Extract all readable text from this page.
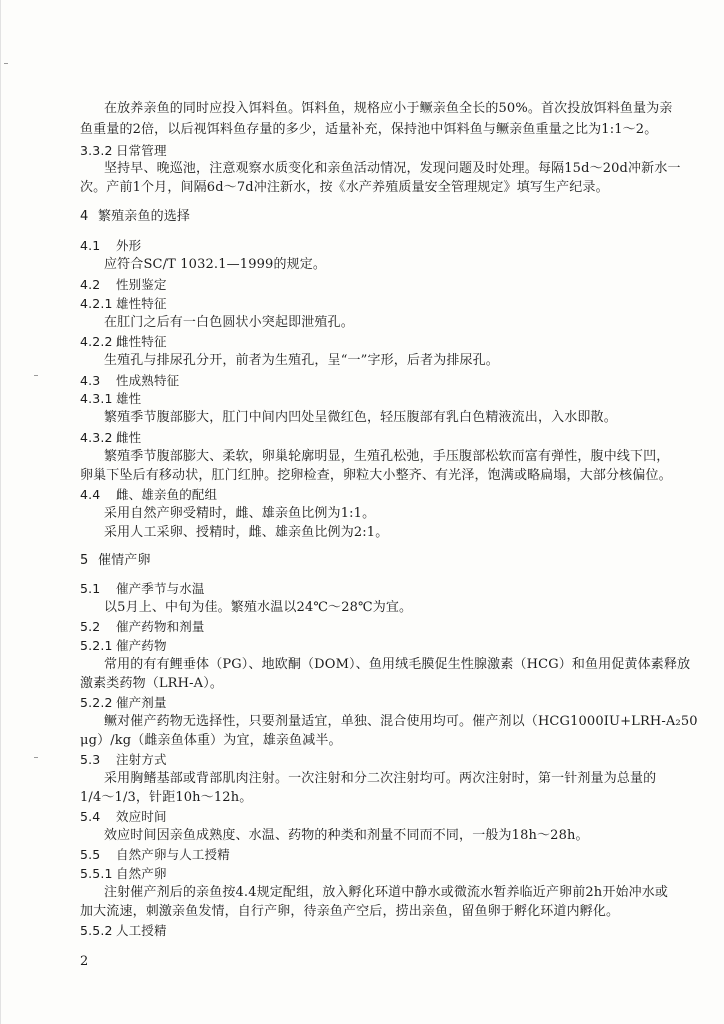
在放养亲鱼的同时应投入饵料鱼。饵料鱼，规格应小于鳜亲鱼全长的50%。首次投放饵料鱼量为亲
鱼重量的2倍，以后视饵料鱼存量的多少，适量补充，保持池中饵料鱼与鳜亲鱼重量之比为1:1～2。
3.3.2 日常管理
坚持早、晚巡池，注意观察水质变化和亲鱼活动情况，发现问题及时处理。每隔15d～20d冲新水一
次。产前1个月，间隔6d～7d冲注新水，按《水产养殖质量安全管理规定》填写生产纪录。
4 繁殖亲鱼的选择
4.1 外形
应符合SC/T 1032.1—1999的规定。
4.2 性别鉴定
4.2.1 雄性特征
在肛门之后有一白色圆状小突起即泄殖孔。
4.2.2 雌性特征
生殖孔与排尿孔分开，前者为生殖孔，呈“一”字形，后者为排尿孔。
4.3 性成熟特征
4.3.1 雄性
繁殖季节腹部膨大，肛门中间内凹处呈微红色，轻压腹部有乳白色精液流出，入水即散。
4.3.2 雌性
繁殖季节腹部膨大、柔软，卵巢轮廓明显，生殖孔松弛，手压腹部松软而富有弹性，腹中线下凹，
卵巢下坠后有移动状，肛门红肿。挖卵检查，卵粒大小整齐、有光泽，饱满或略扁塌，大部分核偏位。
4.4 雌、雄亲鱼的配组
采用自然产卵受精时，雌、雄亲鱼比例为1:1。
采用人工采卵、授精时，雌、雄亲鱼比例为2:1。
5 催情产卵
5.1 催产季节与水温
以5月上、中旬为佳。繁殖水温以24℃～28℃为宜。
5.2 催产药物和剂量
5.2.1 催产药物
常用的有有鲤垂体（PG）、地欧酮（DOM）、鱼用绒毛膜促生性腺激素（HCG）和鱼用促黄体素释放
激素类药物（LRH-A）。
5.2.2 催产剂量
鳜对催产药物无选择性，只要剂量适宜，单独、混合使用均可。催产剂以（HCG1000IU+LRH-A₂50
μg）/kg（雌亲鱼体重）为宜，雄亲鱼减半。
5.3 注射方式
采用胸鳍基部或背部肌肉注射。一次注射和分二次注射均可。两次注射时，第一针剂量为总量的
1/4～1/3，针距10h～12h。
5.4 效应时间
效应时间因亲鱼成熟度、水温、药物的种类和剂量不同而不同，一般为18h～28h。
5.5 自然产卵与人工授精
5.5.1 自然产卵
注射催产剂后的亲鱼按4.4规定配组，放入孵化环道中静水或微流水暂养临近产卵前2h开始冲水或
加大流速，刺激亲鱼发情，自行产卵，待亲鱼产空后，捞出亲鱼，留鱼卵于孵化环道内孵化。
5.5.2 人工授精
2
